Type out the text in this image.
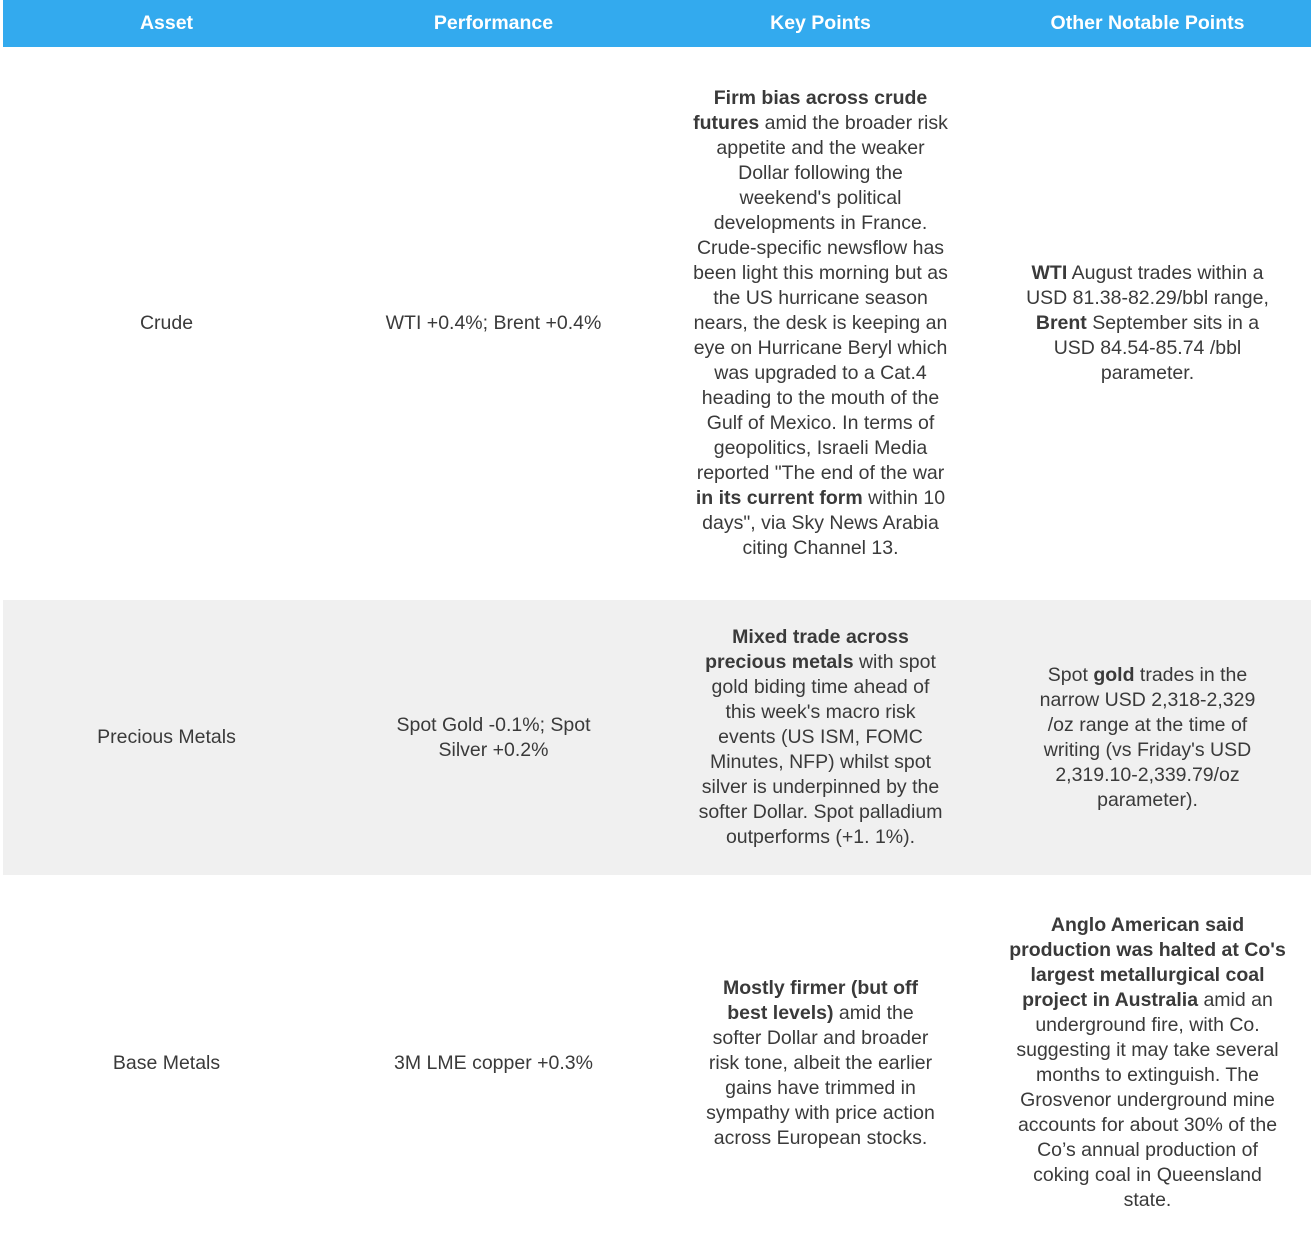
Asset	Performance	Key Points	Other Notable Points
Crude	WTI +0.4%; Brent +0.4%	Firm bias across crude futures amid the broader risk appetite and the weaker Dollar following the weekend's political developments in France. Crude-specific newsflow has been light this morning but as the US hurricane season nears, the desk is keeping an eye on Hurricane Beryl which was upgraded to a Cat.4 heading to the mouth of the Gulf of Mexico. In terms of geopolitics, Israeli Media reported "The end of the war in its current form within 10 days", via Sky News Arabia citing Channel 13.	WTI August trades within a USD 81.38-82.29/bbl range, Brent September sits in a USD 84.54-85.74 /bbl parameter.
Precious Metals	Spot Gold -0.1%; Spot Silver +0.2%	Mixed trade across precious metals with spot gold biding time ahead of this week's macro risk events (US ISM, FOMC Minutes, NFP) whilst spot silver is underpinned by the softer Dollar. Spot palladium outperforms (+1. 1%).	Spot gold trades in the narrow USD 2,318-2,329 /oz range at the time of writing (vs Friday's USD 2,319.10-2,339.79/oz parameter).
Base Metals	3M LME copper +0.3%	Mostly firmer (but off best levels) amid the softer Dollar and broader risk tone, albeit the earlier gains have trimmed in sympathy with price action across European stocks.	Anglo American said production was halted at Co's largest metallurgical coal project in Australia amid an underground fire, with Co. suggesting it may take several months to extinguish. The Grosvenor underground mine accounts for about 30% of the Co’s annual production of coking coal in Queensland state.
